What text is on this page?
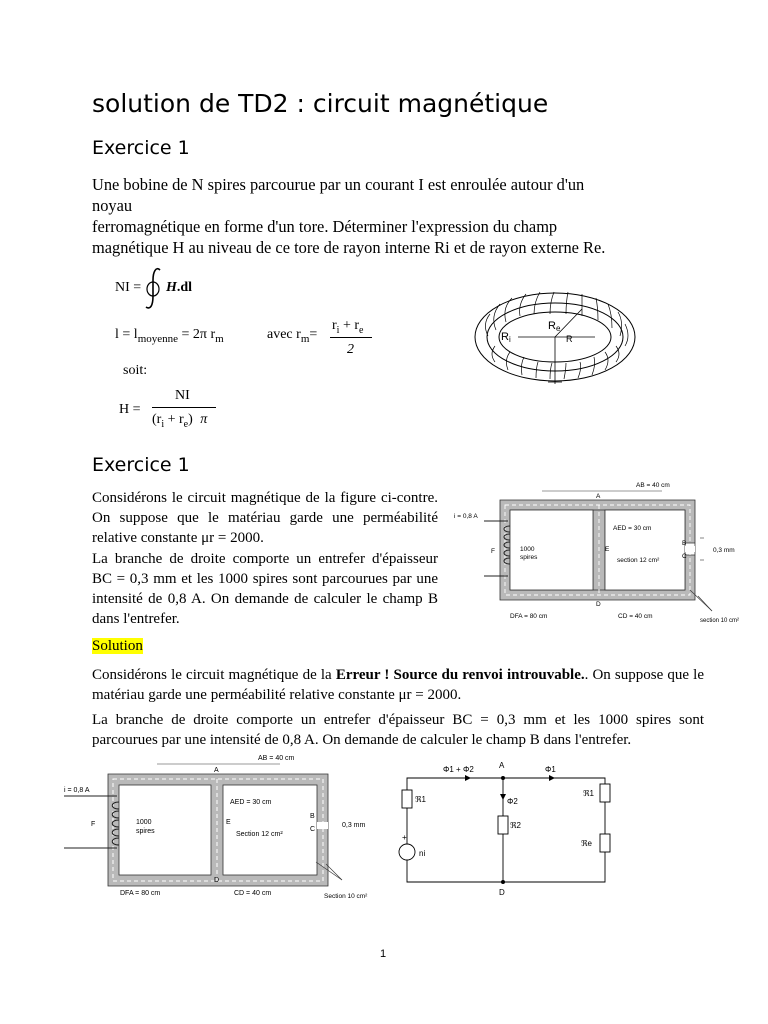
solution de TD2 : circuit magnétique
Exercice 1
Une bobine de N spires parcourue par un courant I est enroulée autour d'un
noyau
ferromagnétique en forme d'un tore. Déterminer l'expression du champ
magnétique H au niveau de ce tore de rayon interne Ri et de rayon externe Re.
NI = H.dl
$l = l_{moyenne} = 2\pi$ $r_m$	avec $r_m=$
$r_i + r_e$
2
soit:
H =
NI
$(r_i + r_e)$ π
Re
Ri	R
Exercice 1
Considérons le circuit magnétique de la figure ci-contre. On suppose que le matériau garde une perméabilité relative constante μr = 2000.
La branche de droite comporte un entrefer d'épaisseur BC = 0,3 mm et les 1000 spires sont parcourues par une intensité de 0,8 A. On demande de calculer le champ B dans l'entrefer.
AB = 40 cm
A
i = 0,8 A
AED = 30 cm
F	1000
spires
E
B
C
0,3 mm
section 12 cm²
D
DFA = 80 cm	CD = 40 cm
section 10 cm²
Solution
Considérons le circuit magnétique de la Erreur ! Source du renvoi introuvable.. On suppose que le matériau garde une perméabilité relative constante μr = 2000.
La branche de droite comporte un entrefer d'épaisseur BC = 0,3 mm et les 1000 spires sont parcourues par une intensité de 0,8 A. On demande de calculer le champ B dans l'entrefer.
AB = 40 cm
A
i = 0,8 A
AED = 30 cm
F	1000
spires
E
B
C
0,3 mm
Section 12 cm²
D
DFA = 80 cm	CD = 40 cm	Section 10 cm²
A
D
Φ1 + Φ2
Φ2
Φ1
ℜ1
ℜ2
ℜ1
ℜe
ni
+
1
